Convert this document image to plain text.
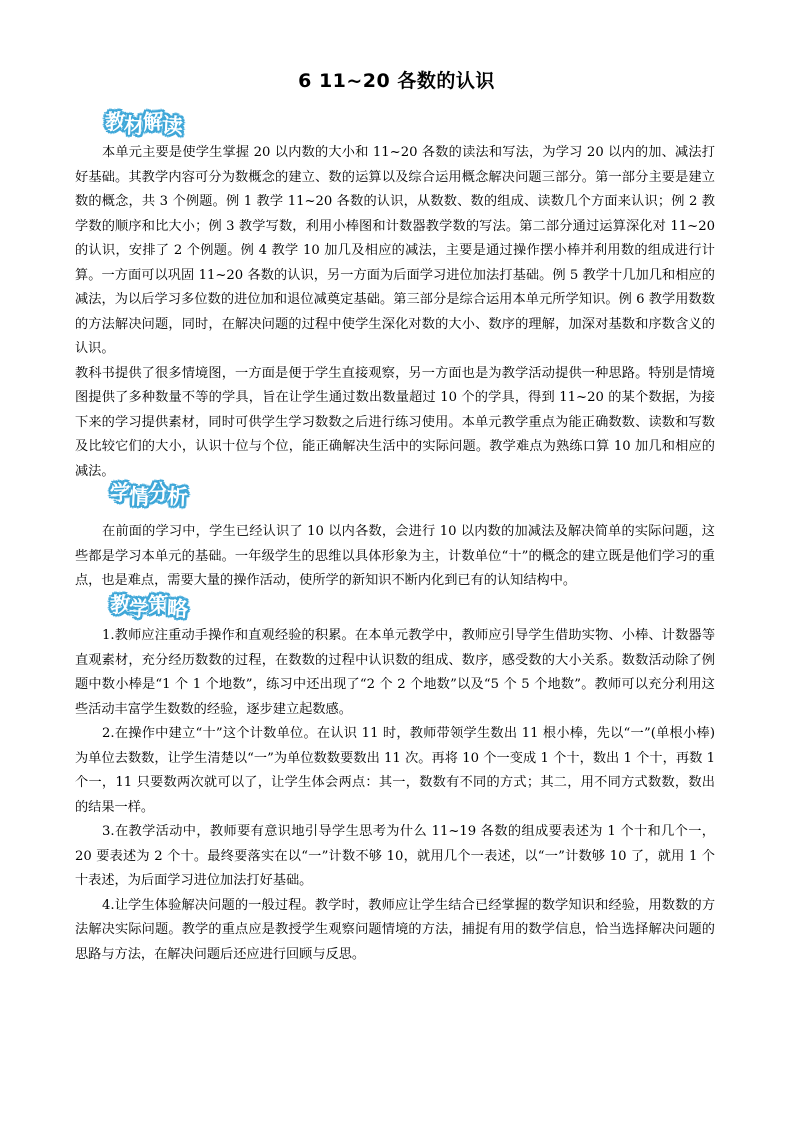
6 11~20 各数的认识
教
材
解
读

本单元主要是使学生掌握 20 以内数的大小和 11~20 各数的读法和写法，为学习 20 以内的加、减法打好基础。其教学内容可分为数概念的建立、数的运算以及综合运用概念解决问题三部分。第一部分主要是建立数的概念，共 3 个例题。例 1 教学 11~20 各数的认识，从数数、数的组成、读数几个方面来认识；例 2 教学数的顺序和比大小；例 3 教学写数，利用小棒图和计数器教学数的写法。第二部分通过运算深化对 11~20 的认识，安排了 2 个例题。例 4 教学 10 加几及相应的减法，主要是通过操作摆小棒并利用数的组成进行计算。一方面可以巩固 11~20 各数的认识，另一方面为后面学习进位加法打基础。例 5 教学十几加几和相应的减法，为以后学习多位数的进位加和退位减奠定基础。第三部分是综合运用本单元所学知识。例 6 教学用数数的方法解决问题，同时，在解决问题的过程中使学生深化对数的大小、数序的理解，加深对基数和序数含义的认识。

教科书提供了很多情境图，一方面是便于学生直接观察，另一方面也是为教学活动提供一种思路。特别是情境图提供了多种数量不等的学具，旨在让学生通过数出数量超过 10 个的学具，得到 11~20 的某个数据，为接下来的学习提供素材，同时可供学生学习数数之后进行练习使用。本单元教学重点为能正确数数、读数和写数及比较它们的大小，认识十位与个位，能正确解决生活中的实际问题。教学难点为熟练口算 10 加几和相应的减法。

学
情
分
析

在前面的学习中，学生已经认识了 10 以内各数，会进行 10 以内数的加减法及解决简单的实际问题，这些都是学习本单元的基础。一年级学生的思维以具体形象为主，计数单位“十”的概念的建立既是他们学习的重点，也是难点，需要大量的操作活动，使所学的新知识不断内化到已有的认知结构中。

教
学
策
略

1.教师应注重动手操作和直观经验的积累。在本单元教学中，教师应引导学生借助实物、小棒、计数器等直观素材，充分经历数数的过程，在数数的过程中认识数的组成、数序，感受数的大小关系。数数活动除了例题中数小棒是“1 个 1 个地数”，练习中还出现了“2 个 2 个地数”以及“5 个 5 个地数”。教师可以充分利用这些活动丰富学生数数的经验，逐步建立起数感。

2.在操作中建立“十”这个计数单位。在认识 11 时，教师带领学生数出 11 根小棒，先以“一”(单根小棒)为单位去数数，让学生清楚以“一”为单位数数要数出 11 次。再将 10 个一变成 1 个十，数出 1 个十，再数 1 个一，11 只要数两次就可以了，让学生体会两点：其一，数数有不同的方式；其二，用不同方式数数，数出的结果一样。

3.在教学活动中，教师要有意识地引导学生思考为什么 11~19 各数的组成要表述为 1 个十和几个一，20 要表述为 2 个十。最终要落实在以“一”计数不够 10，就用几个一表述，以“一”计数够 10 了，就用 1 个十表述，为后面学习进位加法打好基础。

4.让学生体验解决问题的一般过程。教学时，教师应让学生结合已经掌握的数学知识和经验，用数数的方法解决实际问题。教学的重点应是教授学生观察问题情境的方法，捕捉有用的数学信息，恰当选择解决问题的思路与方法，在解决问题后还应进行回顾与反思。
